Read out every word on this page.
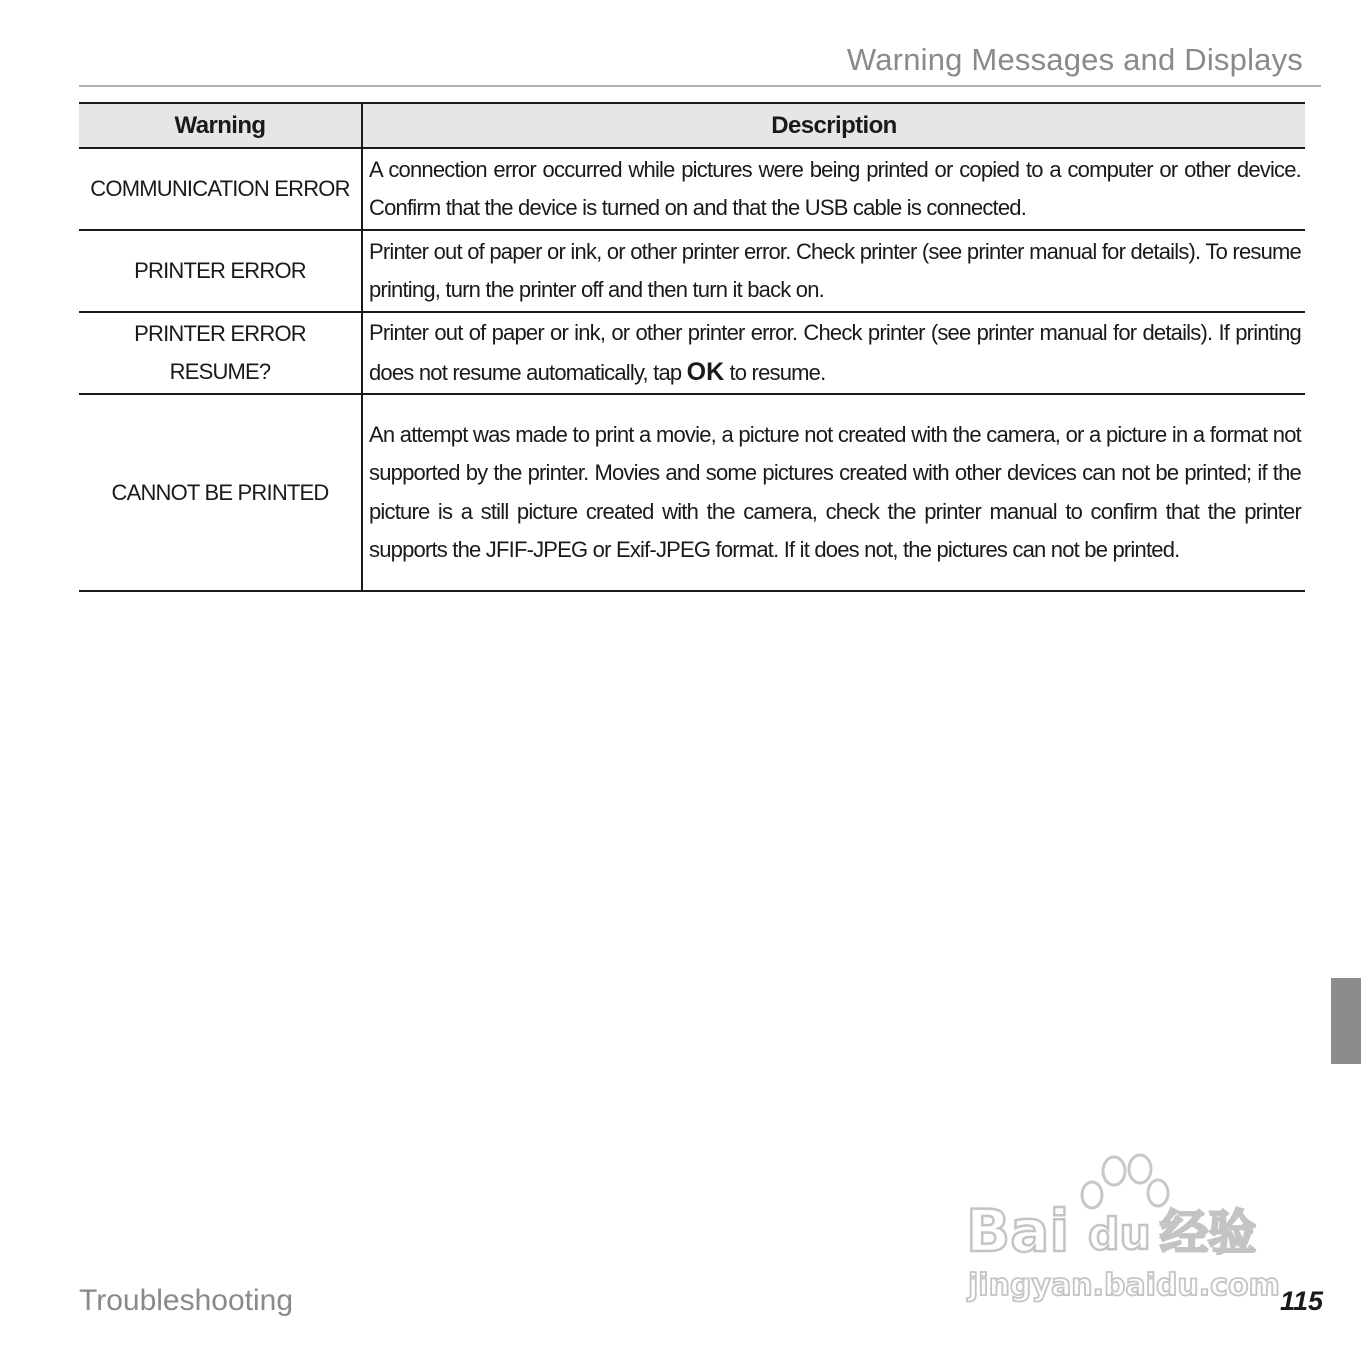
Warning Messages and Displays
Warning	Description
COMMUNICATION ERROR	A connection error occurred while pictures were being printed or copied to a computer or other device. Confirm that the device is turned on and that the USB cable is connected.
PRINTER ERROR	Printer out of paper or ink, or other printer error. Check printer (see printer manual for details). To resume printing, turn the printer off and then turn it back on.
PRINTER ERROR
RESUME?	Printer out of paper or ink, or other printer error. Check printer (see printer manual for details). If printing does not resume automatically, tap OK to resume.
CANNOT BE PRINTED	An attempt was made to print a movie, a picture not created with the camera, or a picture in a format not supported by the printer. Movies and some pictures created with other devices can not be printed; if the picture is a still picture created with the camera, check the printer manual to confirm that the printer supports the JFIF-JPEG or Exif-JPEG format. If it does not, the pictures can not be printed.
Troubleshooting	115
Bai du 经验
jingyan.baidu.com
